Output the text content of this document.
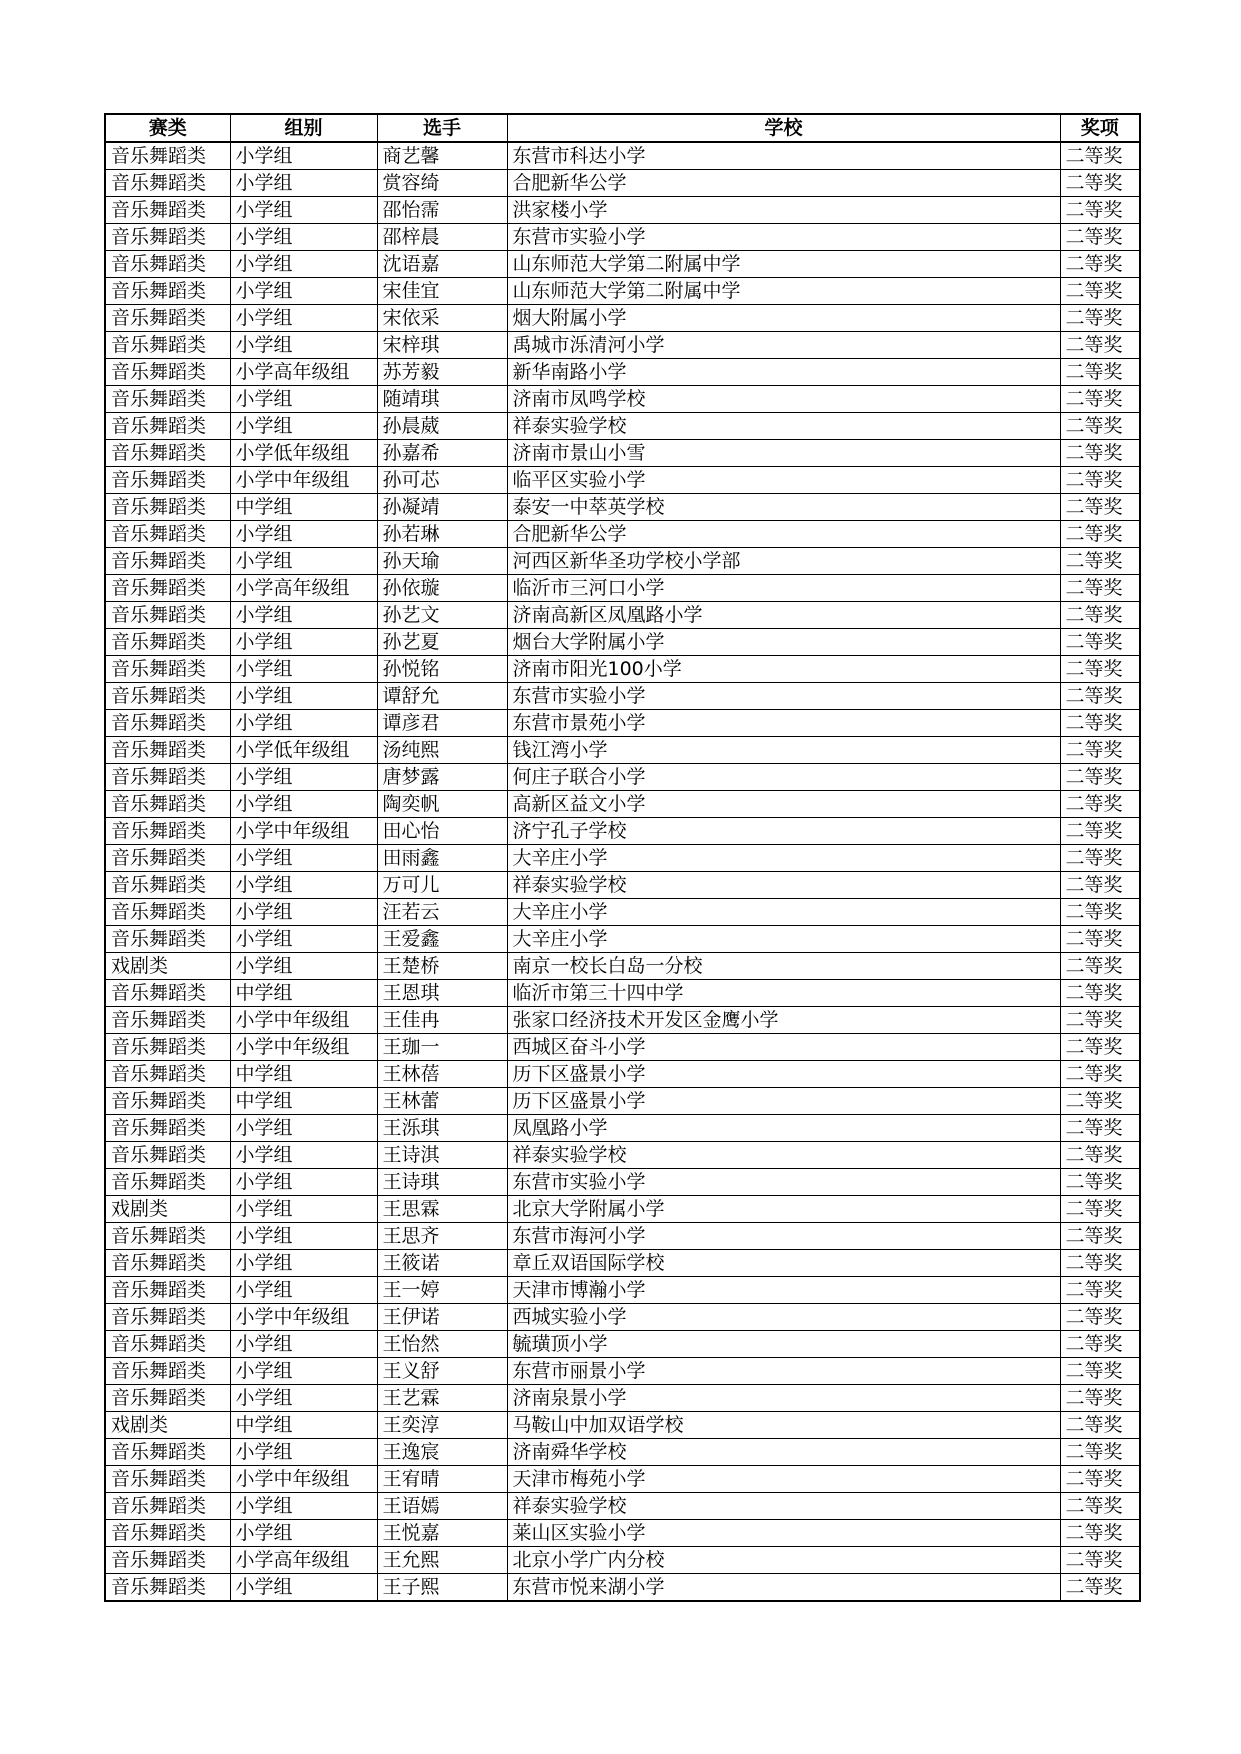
赛类	组别	选手	学校	奖项
音乐舞蹈类	小学组	商艺馨	东营市科达小学	二等奖
音乐舞蹈类	小学组	赏容绮	合肥新华公学	二等奖
音乐舞蹈类	小学组	邵怡霈	洪家楼小学	二等奖
音乐舞蹈类	小学组	邵梓晨	东营市实验小学	二等奖
音乐舞蹈类	小学组	沈语嘉	山东师范大学第二附属中学	二等奖
音乐舞蹈类	小学组	宋佳宜	山东师范大学第二附属中学	二等奖
音乐舞蹈类	小学组	宋依采	烟大附属小学	二等奖
音乐舞蹈类	小学组	宋梓琪	禹城市泺清河小学	二等奖
音乐舞蹈类	小学高年级组	苏芳毅	新华南路小学	二等奖
音乐舞蹈类	小学组	随靖琪	济南市凤鸣学校	二等奖
音乐舞蹈类	小学组	孙晨葳	祥泰实验学校	二等奖
音乐舞蹈类	小学低年级组	孙嘉希	济南市景山小雪	二等奖
音乐舞蹈类	小学中年级组	孙可芯	临平区实验小学	二等奖
音乐舞蹈类	中学组	孙凝靖	泰安一中萃英学校	二等奖
音乐舞蹈类	小学组	孙若琳	合肥新华公学	二等奖
音乐舞蹈类	小学组	孙天瑜	河西区新华圣功学校小学部	二等奖
音乐舞蹈类	小学高年级组	孙依璇	临沂市三河口小学	二等奖
音乐舞蹈类	小学组	孙艺文	济南高新区凤凰路小学	二等奖
音乐舞蹈类	小学组	孙艺夏	烟台大学附属小学	二等奖
音乐舞蹈类	小学组	孙悦铭	济南市阳光100小学	二等奖
音乐舞蹈类	小学组	谭舒允	东营市实验小学	二等奖
音乐舞蹈类	小学组	谭彦君	东营市景苑小学	二等奖
音乐舞蹈类	小学低年级组	汤纯熙	钱江湾小学	二等奖
音乐舞蹈类	小学组	唐梦露	何庄子联合小学	二等奖
音乐舞蹈类	小学组	陶奕帆	高新区益文小学	二等奖
音乐舞蹈类	小学中年级组	田心怡	济宁孔子学校	二等奖
音乐舞蹈类	小学组	田雨鑫	大辛庄小学	二等奖
音乐舞蹈类	小学组	万可儿	祥泰实验学校	二等奖
音乐舞蹈类	小学组	汪若云	大辛庄小学	二等奖
音乐舞蹈类	小学组	王爱鑫	大辛庄小学	二等奖
戏剧类	小学组	王楚桥	南京一校长白岛一分校	二等奖
音乐舞蹈类	中学组	王恩琪	临沂市第三十四中学	二等奖
音乐舞蹈类	小学中年级组	王佳冉	张家口经济技术开发区金鹰小学	二等奖
音乐舞蹈类	小学中年级组	王珈一	西城区奋斗小学	二等奖
音乐舞蹈类	中学组	王林蓓	历下区盛景小学	二等奖
音乐舞蹈类	中学组	王林蕾	历下区盛景小学	二等奖
音乐舞蹈类	小学组	王泺琪	凤凰路小学	二等奖
音乐舞蹈类	小学组	王诗淇	祥泰实验学校	二等奖
音乐舞蹈类	小学组	王诗琪	东营市实验小学	二等奖
戏剧类	小学组	王思霖	北京大学附属小学	二等奖
音乐舞蹈类	小学组	王思齐	东营市海河小学	二等奖
音乐舞蹈类	小学组	王筱诺	章丘双语国际学校	二等奖
音乐舞蹈类	小学组	王一婷	天津市博瀚小学	二等奖
音乐舞蹈类	小学中年级组	王伊诺	西城实验小学	二等奖
音乐舞蹈类	小学组	王怡然	毓璜顶小学	二等奖
音乐舞蹈类	小学组	王义舒	东营市丽景小学	二等奖
音乐舞蹈类	小学组	王艺霖	济南泉景小学	二等奖
戏剧类	中学组	王奕淳	马鞍山中加双语学校	二等奖
音乐舞蹈类	小学组	王逸宸	济南舜华学校	二等奖
音乐舞蹈类	小学中年级组	王宥晴	天津市梅苑小学	二等奖
音乐舞蹈类	小学组	王语嫣	祥泰实验学校	二等奖
音乐舞蹈类	小学组	王悦嘉	莱山区实验小学	二等奖
音乐舞蹈类	小学高年级组	王允熙	北京小学广内分校	二等奖
音乐舞蹈类	小学组	王子熙	东营市悦来湖小学	二等奖
